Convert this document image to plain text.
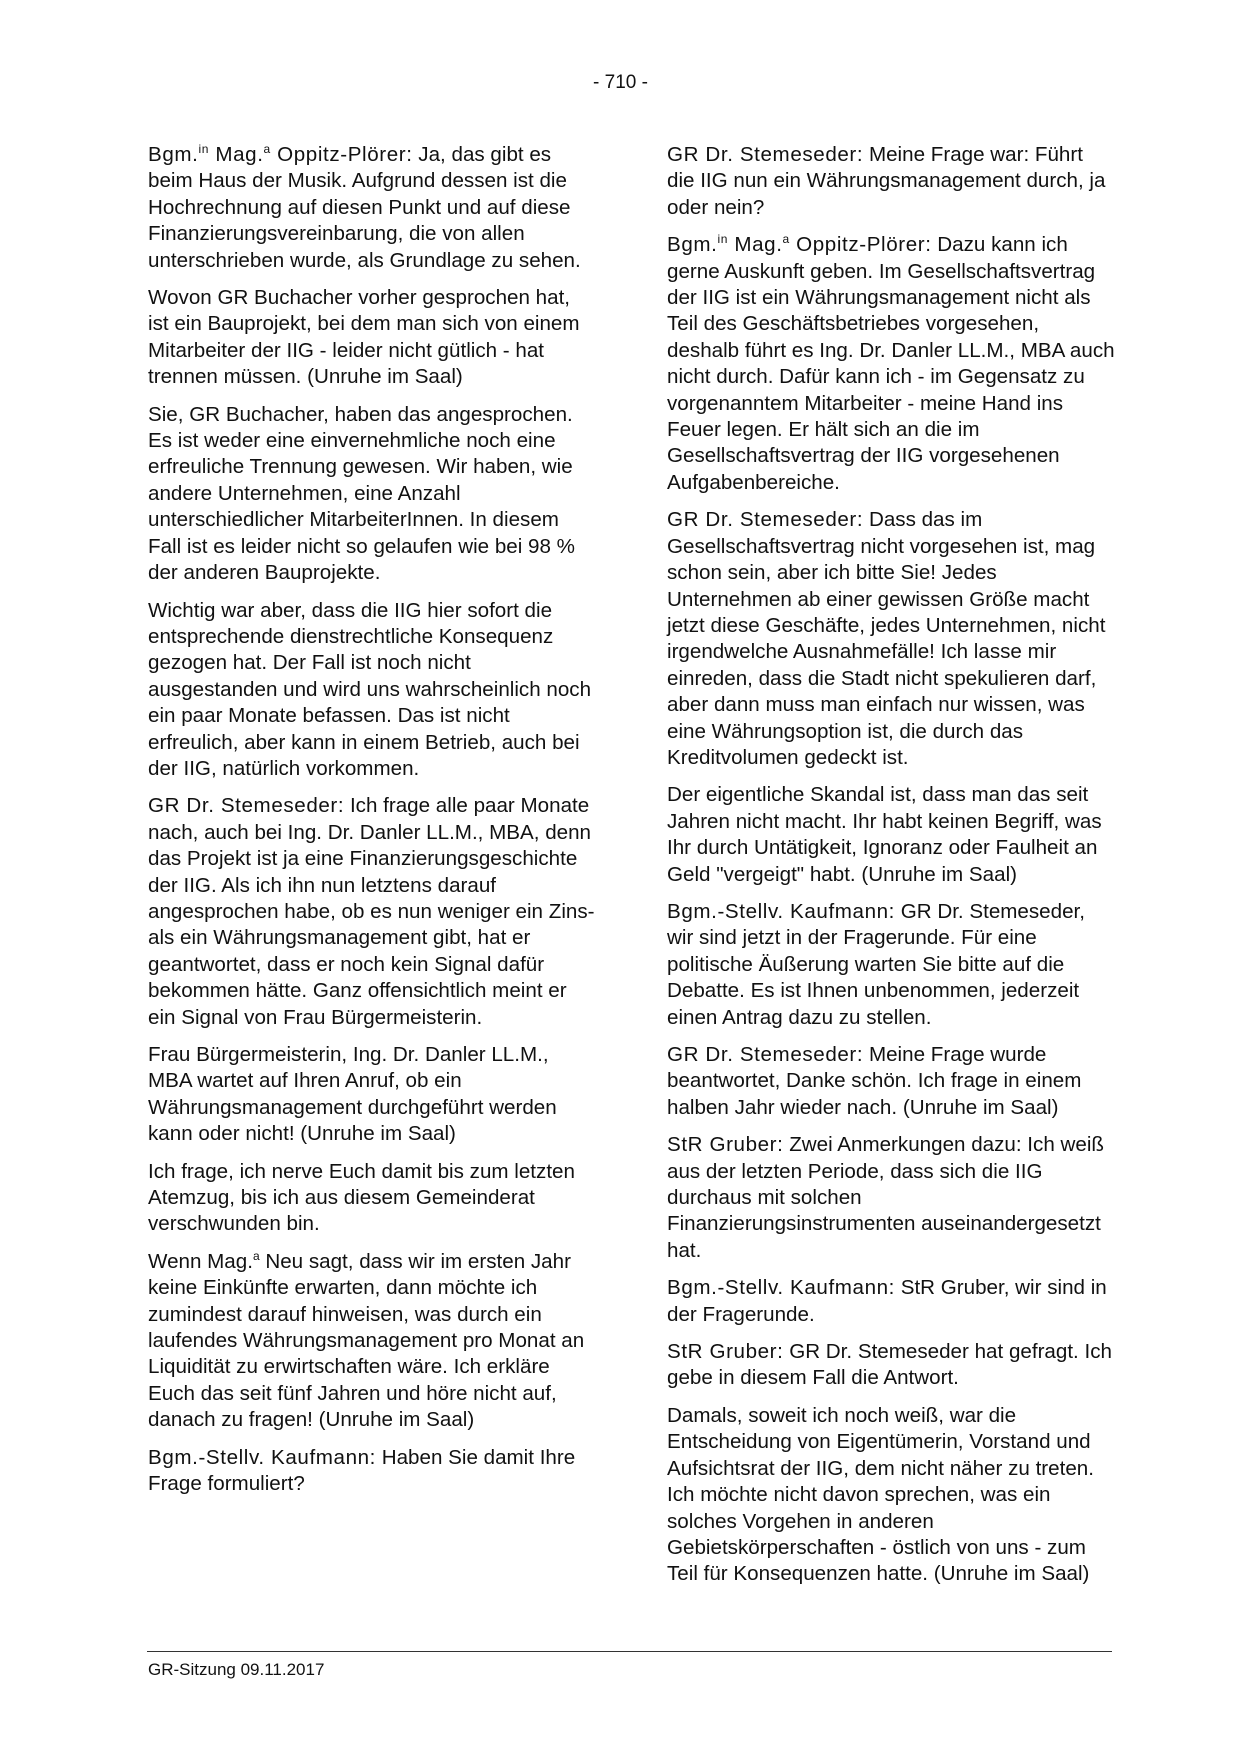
- 710 -

Bgm.$^{in}$ Mag.$^a$ Oppitz-Plörer: Ja, das gibt es beim Haus der Musik. Aufgrund dessen ist die Hochrechnung auf diesen Punkt und auf diese Finanzierungsvereinbarung, die von allen unterschrieben wurde, als Grundlage zu sehen.

Wovon GR Buchacher vorher gesprochen hat, ist ein Bauprojekt, bei dem man sich von einem Mitarbeiter der IIG - leider nicht gütlich - hat trennen müssen. (Unruhe im Saal)

Sie, GR Buchacher, haben das angesprochen. Es ist weder eine einvernehmliche noch eine erfreuliche Trennung gewesen. Wir haben, wie andere Unternehmen, eine Anzahl unterschiedlicher MitarbeiterInnen. In diesem Fall ist es leider nicht so gelaufen wie bei 98 % der anderen Bauprojekte.

Wichtig war aber, dass die IIG hier sofort die entsprechende dienstrechtliche Konsequenz gezogen hat. Der Fall ist noch nicht ausgestanden und wird uns wahrscheinlich noch ein paar Monate befassen. Das ist nicht erfreulich, aber kann in einem Betrieb, auch bei der IIG, natürlich vorkommen.

GR Dr. Stemeseder: Ich frage alle paar Monate nach, auch bei Ing. Dr. Danler LL.M., MBA, denn das Projekt ist ja eine Finanzierungsgeschichte der IIG. Als ich ihn nun letztens darauf angesprochen habe, ob es nun weniger ein Zins- als ein Währungsmanagement gibt, hat er geantwortet, dass er noch kein Signal dafür bekommen hätte. Ganz offensichtlich meint er ein Signal von Frau Bürgermeisterin.

Frau Bürgermeisterin, Ing. Dr. Danler LL.M., MBA wartet auf Ihren Anruf, ob ein Währungsmanagement durchgeführt werden kann oder nicht! (Unruhe im Saal)

Ich frage, ich nerve Euch damit bis zum letzten Atemzug, bis ich aus diesem Gemeinderat verschwunden bin.

Wenn Mag.$^a$ Neu sagt, dass wir im ersten Jahr keine Einkünfte erwarten, dann möchte ich zumindest darauf hinweisen, was durch ein laufendes Währungsmanagement pro Monat an Liquidität zu erwirtschaften wäre. Ich erkläre Euch das seit fünf Jahren und höre nicht auf, danach zu fragen! (Unruhe im Saal)

Bgm.-Stellv. Kaufmann: Haben Sie damit Ihre Frage formuliert?

GR Dr. Stemeseder: Meine Frage war: Führt die IIG nun ein Währungsmanagement durch, ja oder nein?

Bgm.$^{in}$ Mag.$^a$ Oppitz-Plörer: Dazu kann ich gerne Auskunft geben. Im Gesellschaftsvertrag der IIG ist ein Währungsmanagement nicht als Teil des Geschäftsbetriebes vorgesehen, deshalb führt es Ing. Dr. Danler LL.M., MBA auch nicht durch. Dafür kann ich - im Gegensatz zu vorgenanntem Mitarbeiter - meine Hand ins Feuer legen. Er hält sich an die im Gesellschaftsvertrag der IIG vorgesehenen Aufgabenbereiche.

GR Dr. Stemeseder: Dass das im Gesellschaftsvertrag nicht vorgesehen ist, mag schon sein, aber ich bitte Sie! Jedes Unternehmen ab einer gewissen Größe macht jetzt diese Geschäfte, jedes Unternehmen, nicht irgendwelche Ausnahmefälle! Ich lasse mir einreden, dass die Stadt nicht spekulieren darf, aber dann muss man einfach nur wissen, was eine Währungsoption ist, die durch das Kreditvolumen gedeckt ist.

Der eigentliche Skandal ist, dass man das seit Jahren nicht macht. Ihr habt keinen Begriff, was Ihr durch Untätigkeit, Ignoranz oder Faulheit an Geld "vergeigt" habt. (Unruhe im Saal)

Bgm.-Stellv. Kaufmann: GR Dr. Stemeseder, wir sind jetzt in der Fragerunde. Für eine politische Äußerung warten Sie bitte auf die Debatte. Es ist Ihnen unbenommen, jederzeit einen Antrag dazu zu stellen.

GR Dr. Stemeseder: Meine Frage wurde beantwortet, Danke schön. Ich frage in einem halben Jahr wieder nach. (Unruhe im Saal)

StR Gruber: Zwei Anmerkungen dazu: Ich weiß aus der letzten Periode, dass sich die IIG durchaus mit solchen Finanzierungsinstrumenten auseinandergesetzt hat.

Bgm.-Stellv. Kaufmann: StR Gruber, wir sind in der Fragerunde.

StR Gruber: GR Dr. Stemeseder hat gefragt. Ich gebe in diesem Fall die Antwort.

Damals, soweit ich noch weiß, war die Entscheidung von Eigentümerin, Vorstand und Aufsichtsrat der IIG, dem nicht näher zu treten. Ich möchte nicht davon sprechen, was ein solches Vorgehen in anderen Gebietskörperschaften - östlich von uns - zum Teil für Konsequenzen hatte. (Unruhe im Saal)

GR-Sitzung 09.11.2017
